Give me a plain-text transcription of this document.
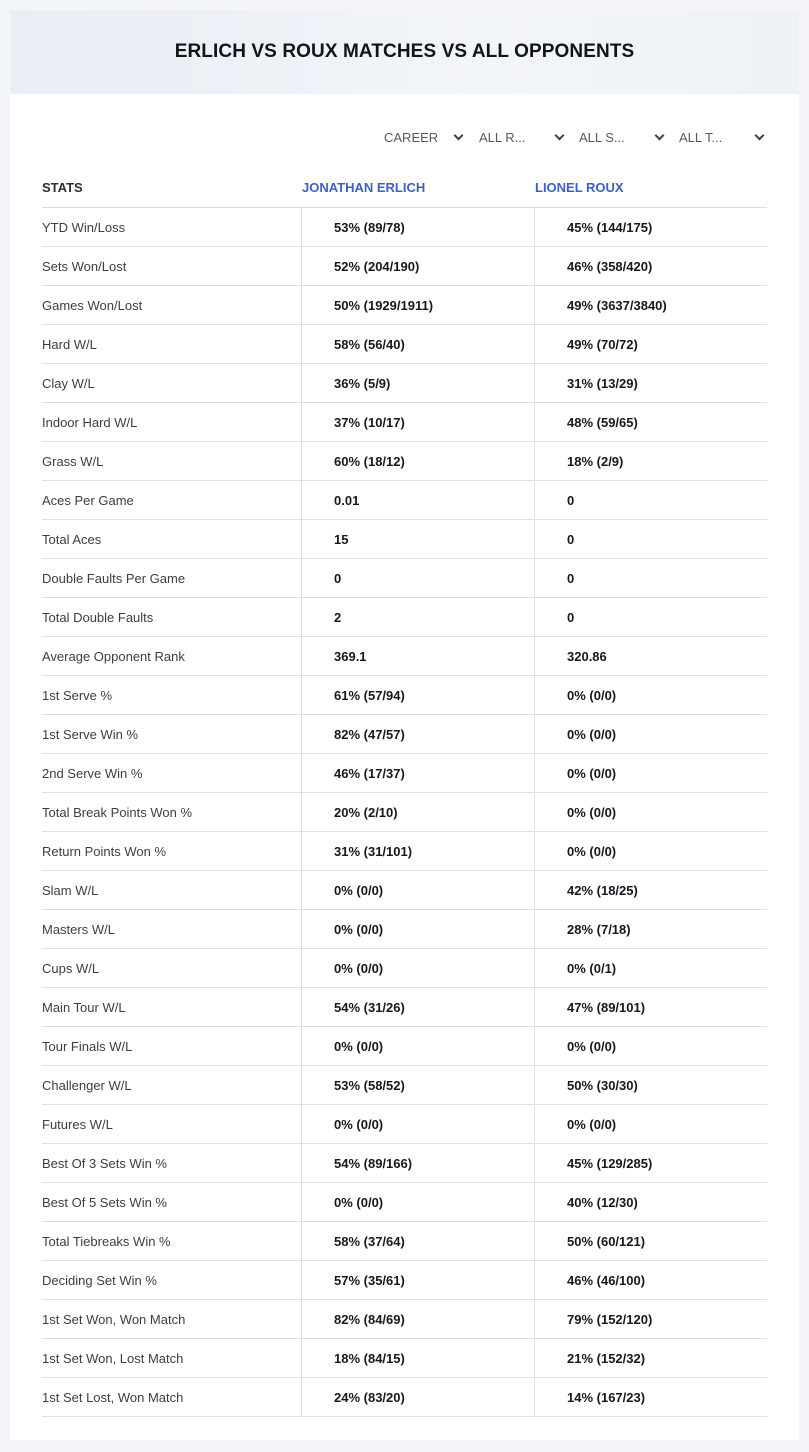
ERLICH VS ROUX MATCHES VS ALL OPPONENTS
CAREER	ALL R...	ALL S...	ALL T...
STATS	JONATHAN ERLICH	LIONEL ROUX
YTD Win/Loss	53% (89/78)	45% (144/175)
Sets Won/Lost	52% (204/190)	46% (358/420)
Games Won/Lost	50% (1929/1911)	49% (3637/3840)
Hard W/L	58% (56/40)	49% (70/72)
Clay W/L	36% (5/9)	31% (13/29)
Indoor Hard W/L	37% (10/17)	48% (59/65)
Grass W/L	60% (18/12)	18% (2/9)
Aces Per Game	0.01	0
Total Aces	15	0
Double Faults Per Game	0	0
Total Double Faults	2	0
Average Opponent Rank	369.1	320.86
1st Serve %	61% (57/94)	0% (0/0)
1st Serve Win %	82% (47/57)	0% (0/0)
2nd Serve Win %	46% (17/37)	0% (0/0)
Total Break Points Won %	20% (2/10)	0% (0/0)
Return Points Won %	31% (31/101)	0% (0/0)
Slam W/L	0% (0/0)	42% (18/25)
Masters W/L	0% (0/0)	28% (7/18)
Cups W/L	0% (0/0)	0% (0/1)
Main Tour W/L	54% (31/26)	47% (89/101)
Tour Finals W/L	0% (0/0)	0% (0/0)
Challenger W/L	53% (58/52)	50% (30/30)
Futures W/L	0% (0/0)	0% (0/0)
Best Of 3 Sets Win %	54% (89/166)	45% (129/285)
Best Of 5 Sets Win %	0% (0/0)	40% (12/30)
Total Tiebreaks Win %	58% (37/64)	50% (60/121)
Deciding Set Win %	57% (35/61)	46% (46/100)
1st Set Won, Won Match	82% (84/69)	79% (152/120)
1st Set Won, Lost Match	18% (84/15)	21% (152/32)
1st Set Lost, Won Match	24% (83/20)	14% (167/23)
